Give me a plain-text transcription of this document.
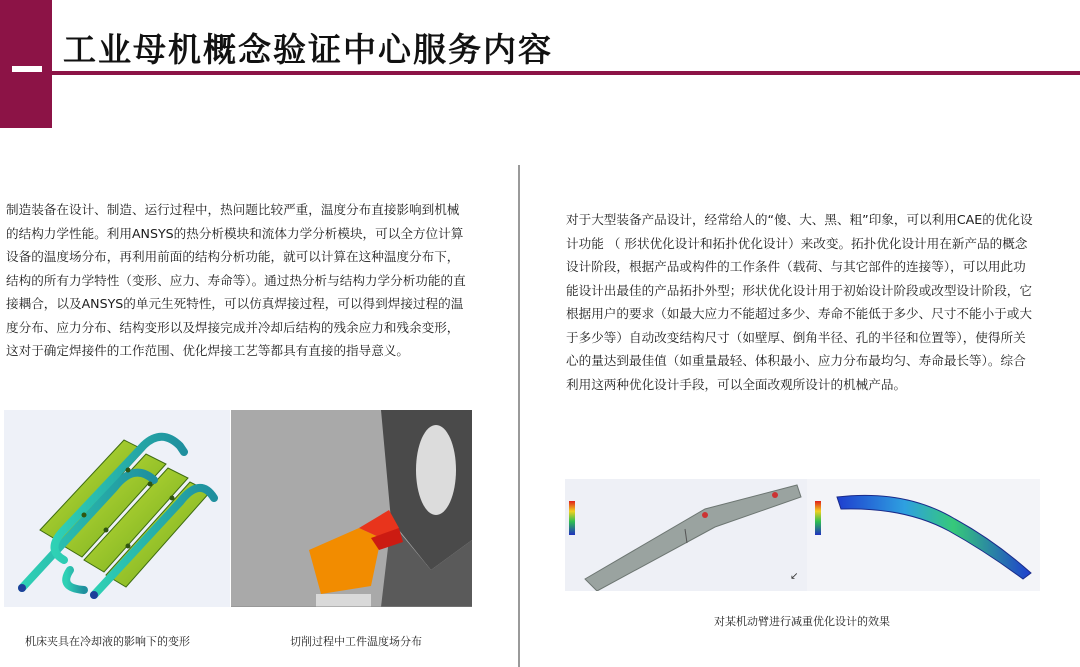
工业母机概念验证中心服务内容

制造装备在设计、制造、运行过程中，热问题比较严重，温度分布直接影响到机械的结构力学性能。利用ANSYS的热分析模块和流体力学分析模块，可以全方位计算设备的温度场分布，再利用前面的结构分析功能，就可以计算在这种温度分布下，结构的所有力学特性（变形、应力、寿命等）。通过热分析与结构力学分析功能的直接耦合，以及ANSYS的单元生死特性，可以仿真焊接过程，可以得到焊接过程的温度分布、应力分布、结构变形以及焊接完成并冷却后结构的残余应力和残余变形，这对于确定焊接件的工作范围、优化焊接工艺等都具有直接的指导意义。

机床夹具在冷却液的影响下的变形	切削过程中工件温度场分布

对于大型装备产品设计，经常给人的“傻、大、黑、粗”印象，可以利用CAE的优化设计功能 （ 形状优化设计和拓扑优化设计）来改变。拓扑优化设计用在新产品的概念设计阶段，根据产品或构件的工作条件（载荷、与其它部件的连接等），可以用此功能设计出最佳的产品拓扑外型；形状优化设计用于初始设计阶段或改型设计阶段，它根据用户的要求（如最大应力不能超过多少、寿命不能低于多少、尺寸不能小于或大于多少等）自动改变结构尺寸（如壁厚、倒角半径、孔的半径和位置等），使得所关心的量达到最佳值（如重量最轻、体积最小、应力分布最均匀、寿命最长等）。综合利用这两种优化设计手段，可以全面改观所设计的机械产品。

↙

对某机动臂进行减重优化设计的效果
